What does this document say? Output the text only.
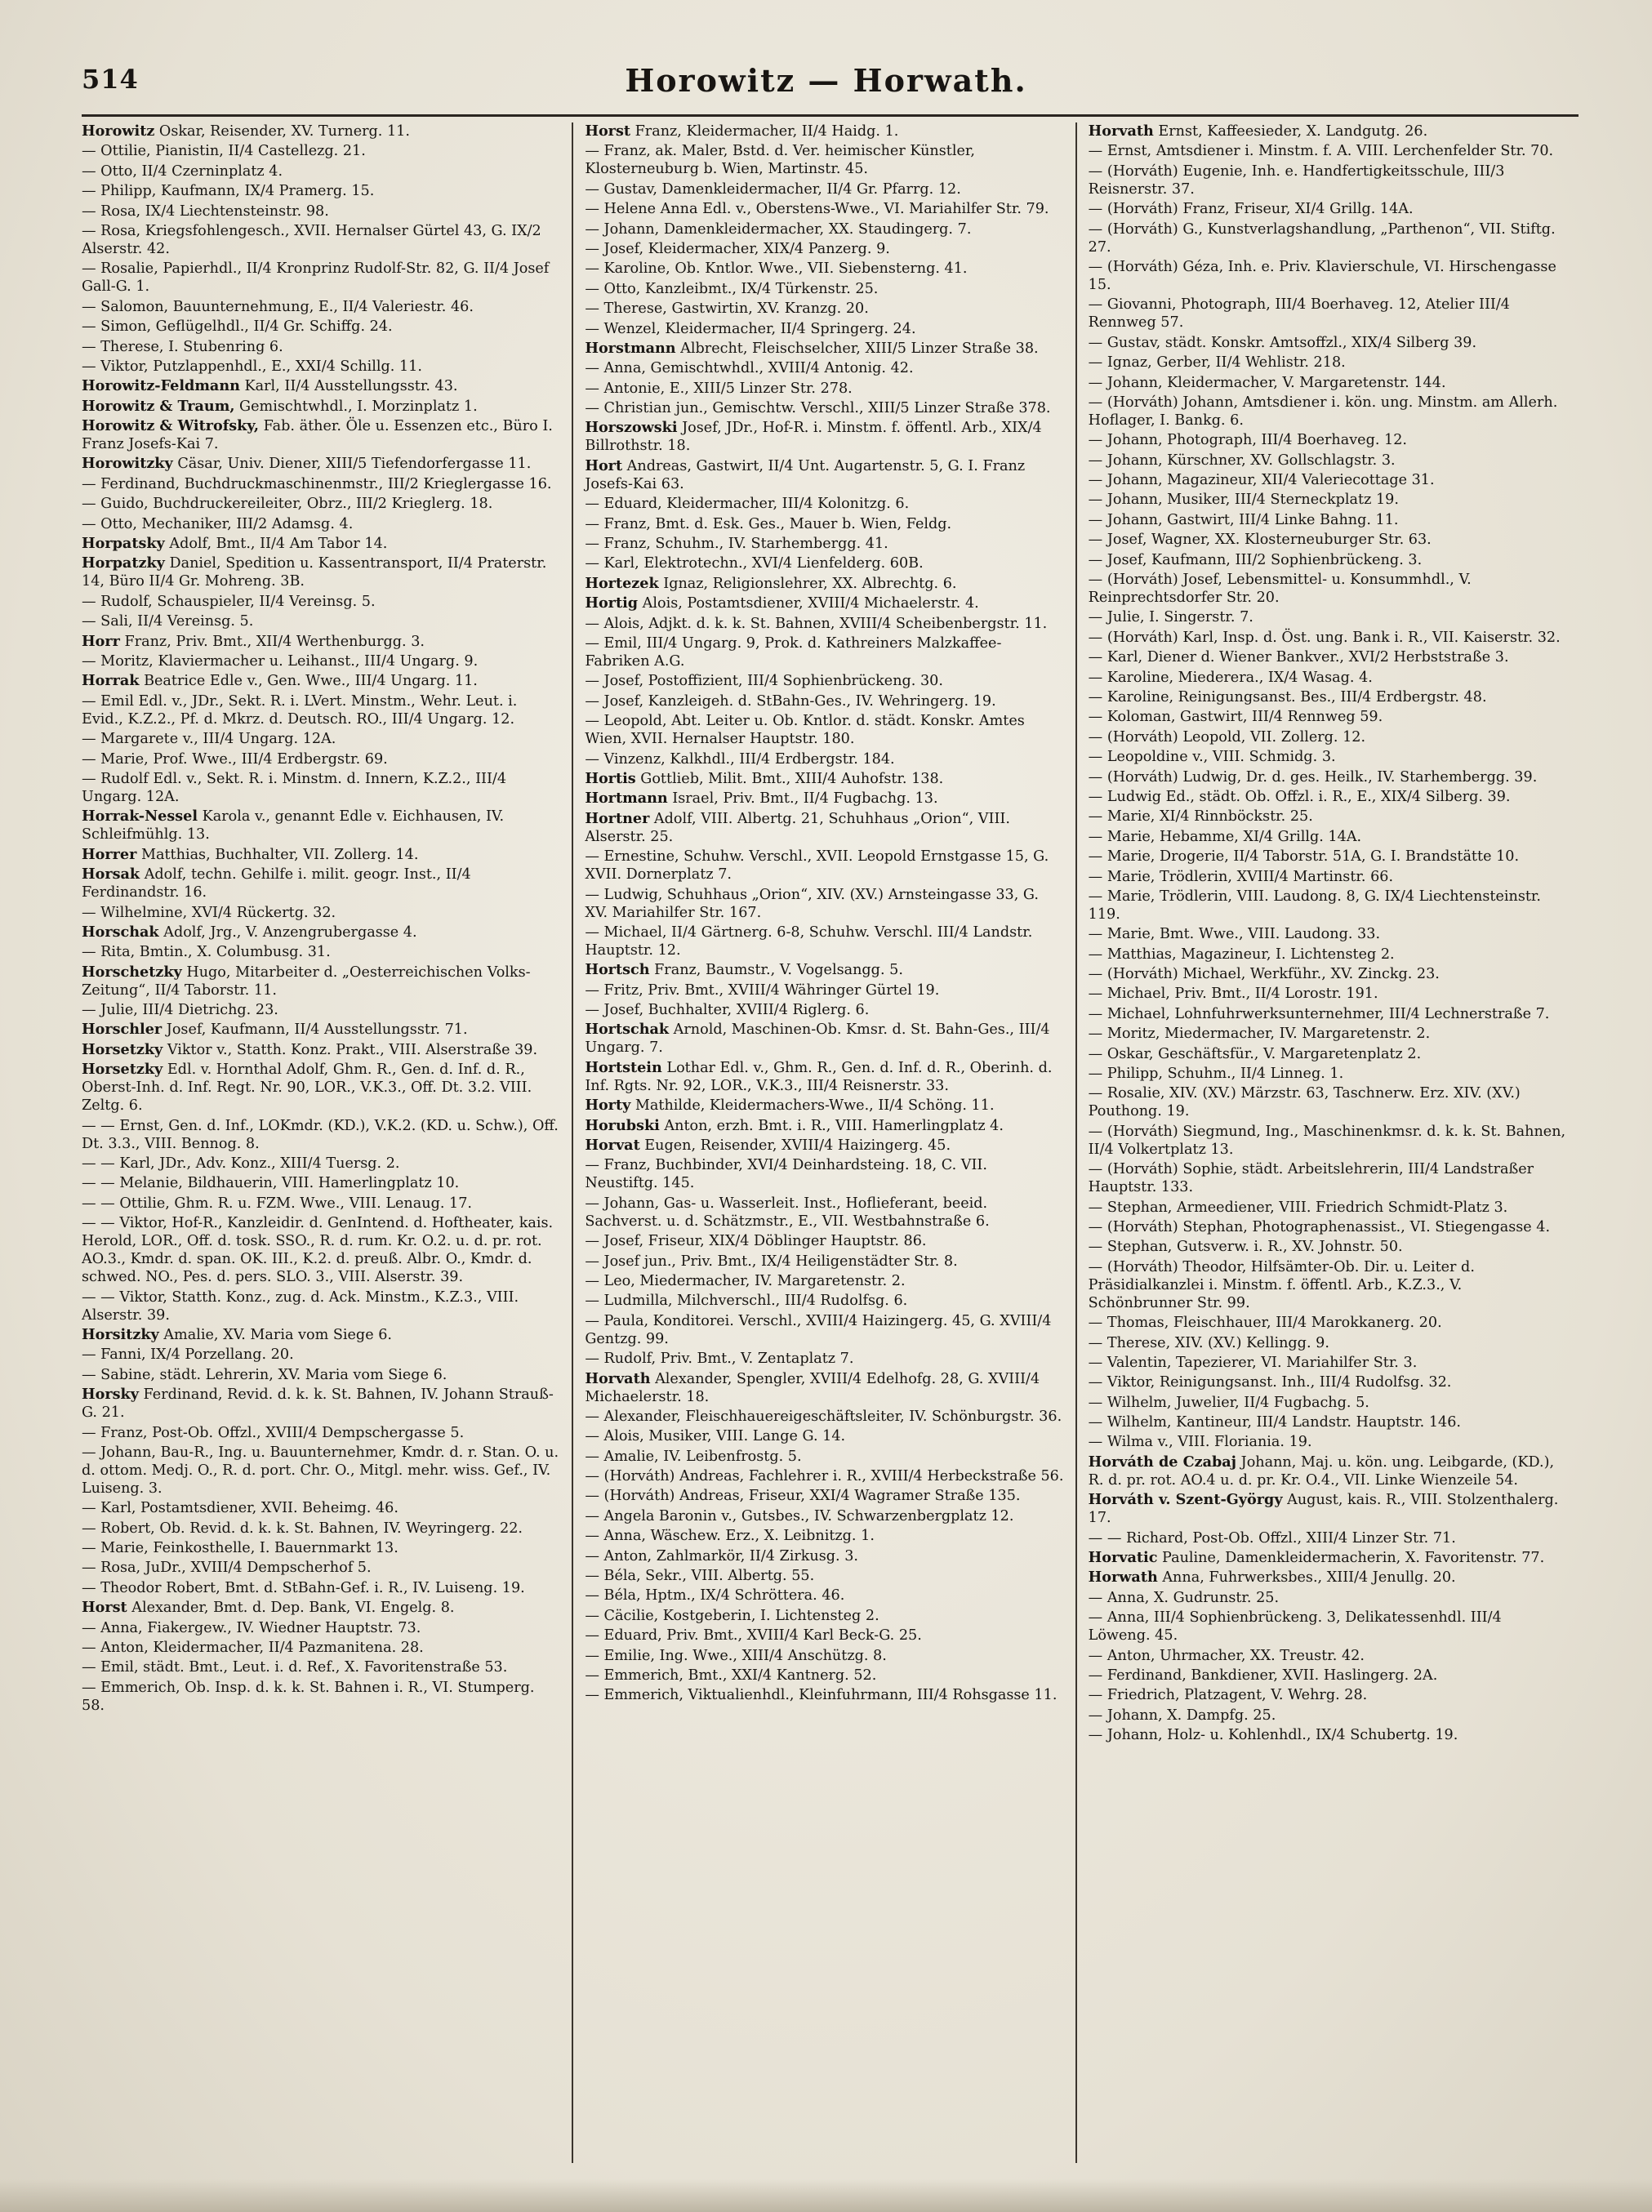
514	Horowitz — Horwath.

Horowitz Oskar, Reisender, XV. Turnerg. 11.

— Ottilie, Pianistin, II/4 Castellezg. 21.

— Otto, II/4 Czerninplatz 4.

— Philipp, Kaufmann, IX/4 Pramerg. 15.

— Rosa, IX/4 Liechtensteinstr. 98.

— Rosa, Kriegsfohlengesch., XVII. Hernalser Gürtel 43, G. IX/2 Alserstr. 42.

— Rosalie, Papierhdl., II/4 Kronprinz Rudolf-Str. 82, G. II/4 Josef Gall-G. 1.

— Salomon, Bauunternehmung, E., II/4 Valeriestr. 46.

— Simon, Geflügelhdl., II/4 Gr. Schiffg. 24.

— Therese, I. Stubenring 6.

— Viktor, Putzlappenhdl., E., XXI/4 Schillg. 11.

Horowitz-Feldmann Karl, II/4 Ausstellungsstr. 43.

Horowitz & Traum, Gemischtwhdl., I. Morzinplatz 1.

Horowitz & Witrofsky, Fab. äther. Öle u. Essenzen etc., Büro I. Franz Josefs-Kai 7.

Horowitzky Cäsar, Univ. Diener, XIII/5 Tiefendorfergasse 11.

— Ferdinand, Buchdruckmaschinenmstr., III/2 Krieglergasse 16.

— Guido, Buchdruckereileiter, Obrz., III/2 Krieglerg. 18.

— Otto, Mechaniker, III/2 Adamsg. 4.

Horpatsky Adolf, Bmt., II/4 Am Tabor 14.

Horpatzky Daniel, Spedition u. Kassentransport, II/4 Praterstr. 14, Büro II/4 Gr. Mohreng. 3B.

— Rudolf, Schauspieler, II/4 Vereinsg. 5.

— Sali, II/4 Vereinsg. 5.

Horr Franz, Priv. Bmt., XII/4 Werthenburgg. 3.

— Moritz, Klaviermacher u. Leihanst., III/4 Ungarg. 9.

Horrak Beatrice Edle v., Gen. Wwe., III/4 Ungarg. 11.

— Emil Edl. v., JDr., Sekt. R. i. LVert. Minstm., Wehr. Leut. i. Evid., K.Z.2., Pf. d. Mkrz. d. Deutsch. RO., III/4 Ungarg. 12.

— Margarete v., III/4 Ungarg. 12A.

— Marie, Prof. Wwe., III/4 Erdbergstr. 69.

— Rudolf Edl. v., Sekt. R. i. Minstm. d. Innern, K.Z.2., III/4 Ungarg. 12A.

Horrak-Nessel Karola v., genannt Edle v. Eichhausen, IV. Schleifmühlg. 13.

Horrer Matthias, Buchhalter, VII. Zollerg. 14.

Horsak Adolf, techn. Gehilfe i. milit. geogr. Inst., II/4 Ferdinandstr. 16.

— Wilhelmine, XVI/4 Rückertg. 32.

Horschak Adolf, Jrg., V. Anzengrubergasse 4.

— Rita, Bmtin., X. Columbusg. 31.

Horschetzky Hugo, Mitarbeiter d. „Oesterreichischen Volks-Zeitung“, II/4 Taborstr. 11.

— Julie, III/4 Dietrichg. 23.

Horschler Josef, Kaufmann, II/4 Ausstellungsstr. 71.

Horsetzky Viktor v., Statth. Konz. Prakt., VIII. Alserstraße 39.

Horsetzky Edl. v. Hornthal Adolf, Ghm. R., Gen. d. Inf. d. R., Oberst-Inh. d. Inf. Regt. Nr. 90, LOR., V.K.3., Off. Dt. 3.2. VIII. Zeltg. 6.

— — Ernst, Gen. d. Inf., LOKmdr. (KD.), V.K.2. (KD. u. Schw.), Off. Dt. 3.3., VIII. Bennog. 8.

— — Karl, JDr., Adv. Konz., XIII/4 Tuersg. 2.

— — Melanie, Bildhauerin, VIII. Hamerlingplatz 10.

— — Ottilie, Ghm. R. u. FZM. Wwe., VIII. Lenaug. 17.

— — Viktor, Hof-R., Kanzleidir. d. GenIntend. d. Hoftheater, kais. Herold, LOR., Off. d. tosk. SSO., R. d. rum. Kr. O.2. u. d. pr. rot. AO.3., Kmdr. d. span. OK. III., K.2. d. preuß. Albr. O., Kmdr. d. schwed. NO., Pes. d. pers. SLO. 3., VIII. Alserstr. 39.

— — Viktor, Statth. Konz., zug. d. Ack. Minstm., K.Z.3., VIII. Alserstr. 39.

Horsitzky Amalie, XV. Maria vom Siege 6.

— Fanni, IX/4 Porzellang. 20.

— Sabine, städt. Lehrerin, XV. Maria vom Siege 6.

Horsky Ferdinand, Revid. d. k. k. St. Bahnen, IV. Johann Strauß-G. 21.

— Franz, Post-Ob. Offzl., XVIII/4 Dempschergasse 5.

— Johann, Bau-R., Ing. u. Bauunternehmer, Kmdr. d. r. Stan. O. u. d. ottom. Medj. O., R. d. port. Chr. O., Mitgl. mehr. wiss. Gef., IV. Luiseng. 3.

— Karl, Postamtsdiener, XVII. Beheimg. 46.

— Robert, Ob. Revid. d. k. k. St. Bahnen, IV. Weyringerg. 22.

— Marie, Feinkosthelle, I. Bauernmarkt 13.

— Rosa, JuDr., XVIII/4 Dempscherhof 5.

— Theodor Robert, Bmt. d. StBahn-Gef. i. R., IV. Luiseng. 19.

Horst Alexander, Bmt. d. Dep. Bank, VI. Engelg. 8.

— Anna, Fiakergew., IV. Wiedner Hauptstr. 73.

— Anton, Kleidermacher, II/4 Pazmanitena. 28.

— Emil, städt. Bmt., Leut. i. d. Ref., X. Favoritenstraße 53.

— Emmerich, Ob. Insp. d. k. k. St. Bahnen i. R., VI. Stumperg. 58.

Horst Franz, Kleidermacher, II/4 Haidg. 1.

— Franz, ak. Maler, Bstd. d. Ver. heimischer Künstler, Klosterneuburg b. Wien, Martinstr. 45.

— Gustav, Damenkleidermacher, II/4 Gr. Pfarrg. 12.

— Helene Anna Edl. v., Oberstens-Wwe., VI. Mariahilfer Str. 79.

— Johann, Damenkleidermacher, XX. Staudingerg. 7.

— Josef, Kleidermacher, XIX/4 Panzerg. 9.

— Karoline, Ob. Kntlor. Wwe., VII. Siebensterng. 41.

— Otto, Kanzleibmt., IX/4 Türkenstr. 25.

— Therese, Gastwirtin, XV. Kranzg. 20.

— Wenzel, Kleidermacher, II/4 Springerg. 24.

Horstmann Albrecht, Fleischselcher, XIII/5 Linzer Straße 38.

— Anna, Gemischtwhdl., XVIII/4 Antonig. 42.

— Antonie, E., XIII/5 Linzer Str. 278.

— Christian jun., Gemischtw. Verschl., XIII/5 Linzer Straße 378.

Horszowski Josef, JDr., Hof-R. i. Minstm. f. öffentl. Arb., XIX/4 Billrothstr. 18.

Hort Andreas, Gastwirt, II/4 Unt. Augartenstr. 5, G. I. Franz Josefs-Kai 63.

— Eduard, Kleidermacher, III/4 Kolonitzg. 6.

— Franz, Bmt. d. Esk. Ges., Mauer b. Wien, Feldg.

— Franz, Schuhm., IV. Starhembergg. 41.

— Karl, Elektrotechn., XVI/4 Lienfelderg. 60B.

Hortezek Ignaz, Religionslehrer, XX. Albrechtg. 6.

Hortig Alois, Postamtsdiener, XVIII/4 Michaelerstr. 4.

— Alois, Adjkt. d. k. k. St. Bahnen, XVIII/4 Scheibenbergstr. 11.

— Emil, III/4 Ungarg. 9, Prok. d. Kathreiners Malzkaffee-Fabriken A.G.

— Josef, Postoffizient, III/4 Sophienbrückeng. 30.

— Josef, Kanzleigeh. d. StBahn-Ges., IV. Wehringerg. 19.

— Leopold, Abt. Leiter u. Ob. Kntlor. d. städt. Konskr. Amtes Wien, XVII. Hernalser Hauptstr. 180.

— Vinzenz, Kalkhdl., III/4 Erdbergstr. 184.

Hortis Gottlieb, Milit. Bmt., XIII/4 Auhofstr. 138.

Hortmann Israel, Priv. Bmt., II/4 Fugbachg. 13.

Hortner Adolf, VIII. Albertg. 21, Schuhhaus „Orion“, VIII. Alserstr. 25.

— Ernestine, Schuhw. Verschl., XVII. Leopold Ernstgasse 15, G. XVII. Dornerplatz 7.

— Ludwig, Schuhhaus „Orion“, XIV. (XV.) Arnsteingasse 33, G. XV. Mariahilfer Str. 167.

— Michael, II/4 Gärtnerg. 6-8, Schuhw. Verschl. III/4 Landstr. Hauptstr. 12.

Hortsch Franz, Baumstr., V. Vogelsangg. 5.

— Fritz, Priv. Bmt., XVIII/4 Währinger Gürtel 19.

— Josef, Buchhalter, XVIII/4 Riglerg. 6.

Hortschak Arnold, Maschinen-Ob. Kmsr. d. St. Bahn-Ges., III/4 Ungarg. 7.

Hortstein Lothar Edl. v., Ghm. R., Gen. d. Inf. d. R., Oberinh. d. Inf. Rgts. Nr. 92, LOR., V.K.3., III/4 Reisnerstr. 33.

Horty Mathilde, Kleidermachers-Wwe., II/4 Schöng. 11.

Horubski Anton, erzh. Bmt. i. R., VIII. Hamerlingplatz 4.

Horvat Eugen, Reisender, XVIII/4 Haizingerg. 45.

— Franz, Buchbinder, XVI/4 Deinhardsteing. 18, C. VII. Neustiftg. 145.

— Johann, Gas- u. Wasserleit. Inst., Hoflieferant, beeid. Sachverst. u. d. Schätzmstr., E., VII. Westbahnstraße 6.

— Josef, Friseur, XIX/4 Döblinger Hauptstr. 86.

— Josef jun., Priv. Bmt., IX/4 Heiligenstädter Str. 8.

— Leo, Miedermacher, IV. Margaretenstr. 2.

— Ludmilla, Milchverschl., III/4 Rudolfsg. 6.

— Paula, Konditorei. Verschl., XVIII/4 Haizingerg. 45, G. XVIII/4 Gentzg. 99.

— Rudolf, Priv. Bmt., V. Zentaplatz 7.

Horvath Alexander, Spengler, XVIII/4 Edelhofg. 28, G. XVIII/4 Michaelerstr. 18.

— Alexander, Fleischhauereigeschäftsleiter, IV. Schönburgstr. 36.

— Alois, Musiker, VIII. Lange G. 14.

— Amalie, IV. Leibenfrostg. 5.

— (Horváth) Andreas, Fachlehrer i. R., XVIII/4 Herbeckstraße 56.

— (Horváth) Andreas, Friseur, XXI/4 Wagramer Straße 135.

— Angela Baronin v., Gutsbes., IV. Schwarzenbergplatz 12.

— Anna, Wäschew. Erz., X. Leibnitzg. 1.

— Anton, Zahlmarkör, II/4 Zirkusg. 3.

— Béla, Sekr., VIII. Albertg. 55.

— Béla, Hptm., IX/4 Schröttera. 46.

— Cäcilie, Kostgeberin, I. Lichtensteg 2.

— Eduard, Priv. Bmt., XVIII/4 Karl Beck-G. 25.

— Emilie, Ing. Wwe., XIII/4 Anschützg. 8.

— Emmerich, Bmt., XXI/4 Kantnerg. 52.

— Emmerich, Viktualienhdl., Kleinfuhrmann, III/4 Rohsgasse 11.

Horvath Ernst, Kaffeesieder, X. Landgutg. 26.

— Ernst, Amtsdiener i. Minstm. f. A. VIII. Lerchenfelder Str. 70.

— (Horváth) Eugenie, Inh. e. Handfertigkeitsschule, III/3 Reisnerstr. 37.

— (Horváth) Franz, Friseur, XI/4 Grillg. 14A.

— (Horváth) G., Kunstverlagshandlung, „Parthenon“, VII. Stiftg. 27.

— (Horváth) Géza, Inh. e. Priv. Klavierschule, VI. Hirschengasse 15.

— Giovanni, Photograph, III/4 Boerhaveg. 12, Atelier III/4 Rennweg 57.

— Gustav, städt. Konskr. Amtsoffzl., XIX/4 Silberg 39.

— Ignaz, Gerber, II/4 Wehlistr. 218.

— Johann, Kleidermacher, V. Margaretenstr. 144.

— (Horváth) Johann, Amtsdiener i. kön. ung. Minstm. am Allerh. Hoflager, I. Bankg. 6.

— Johann, Photograph, III/4 Boerhaveg. 12.

— Johann, Kürschner, XV. Gollschlagstr. 3.

— Johann, Magazineur, XII/4 Valeriecottage 31.

— Johann, Musiker, III/4 Sterneckplatz 19.

— Johann, Gastwirt, III/4 Linke Bahng. 11.

— Josef, Wagner, XX. Klosterneuburger Str. 63.

— Josef, Kaufmann, III/2 Sophienbrückeng. 3.

— (Horváth) Josef, Lebensmittel- u. Konsummhdl., V. Reinprechtsdorfer Str. 20.

— Julie, I. Singerstr. 7.

— (Horváth) Karl, Insp. d. Öst. ung. Bank i. R., VII. Kaiserstr. 32.

— Karl, Diener d. Wiener Bankver., XVI/2 Herbststraße 3.

— Karoline, Miederera., IX/4 Wasag. 4.

— Karoline, Reinigungsanst. Bes., III/4 Erdbergstr. 48.

— Koloman, Gastwirt, III/4 Rennweg 59.

— (Horváth) Leopold, VII. Zollerg. 12.

— Leopoldine v., VIII. Schmidg. 3.

— (Horváth) Ludwig, Dr. d. ges. Heilk., IV. Starhembergg. 39.

— Ludwig Ed., städt. Ob. Offzl. i. R., E., XIX/4 Silberg. 39.

— Marie, XI/4 Rinnböckstr. 25.

— Marie, Hebamme, XI/4 Grillg. 14A.

— Marie, Drogerie, II/4 Taborstr. 51A, G. I. Brandstätte 10.

— Marie, Trödlerin, XVIII/4 Martinstr. 66.

— Marie, Trödlerin, VIII. Laudong. 8, G. IX/4 Liechtensteinstr. 119.

— Marie, Bmt. Wwe., VIII. Laudong. 33.

— Matthias, Magazineur, I. Lichtensteg 2.

— (Horváth) Michael, Werkführ., XV. Zinckg. 23.

— Michael, Priv. Bmt., II/4 Lorostr. 191.

— Michael, Lohnfuhrwerksunternehmer, III/4 Lechnerstraße 7.

— Moritz, Miedermacher, IV. Margaretenstr. 2.

— Oskar, Geschäftsfür., V. Margaretenplatz 2.

— Philipp, Schuhm., II/4 Linneg. 1.

— Rosalie, XIV. (XV.) Märzstr. 63, Taschnerw. Erz. XIV. (XV.) Pouthong. 19.

— (Horváth) Siegmund, Ing., Maschinenkmsr. d. k. k. St. Bahnen, II/4 Volkertplatz 13.

— (Horváth) Sophie, städt. Arbeitslehrerin, III/4 Landstraßer Hauptstr. 133.

— Stephan, Armeediener, VIII. Friedrich Schmidt-Platz 3.

— (Horváth) Stephan, Photographenassist., VI. Stiegengasse 4.

— Stephan, Gutsverw. i. R., XV. Johnstr. 50.

— (Horváth) Theodor, Hilfsämter-Ob. Dir. u. Leiter d. Präsidialkanzlei i. Minstm. f. öffentl. Arb., K.Z.3., V. Schönbrunner Str. 99.

— Thomas, Fleischhauer, III/4 Marokkanerg. 20.

— Therese, XIV. (XV.) Kellingg. 9.

— Valentin, Tapezierer, VI. Mariahilfer Str. 3.

— Viktor, Reinigungsanst. Inh., III/4 Rudolfsg. 32.

— Wilhelm, Juwelier, II/4 Fugbachg. 5.

— Wilhelm, Kantineur, III/4 Landstr. Hauptstr. 146.

— Wilma v., VIII. Floriania. 19.

Horváth de Czabaj Johann, Maj. u. kön. ung. Leibgarde, (KD.), R. d. pr. rot. AO.4 u. d. pr. Kr. O.4., VII. Linke Wienzeile 54.

Horváth v. Szent-György August, kais. R., VIII. Stolzenthalerg. 17.

— — Richard, Post-Ob. Offzl., XIII/4 Linzer Str. 71.

Horvatic Pauline, Damenkleidermacherin, X. Favoritenstr. 77.

Horwath Anna, Fuhrwerksbes., XIII/4 Jenullg. 20.

— Anna, X. Gudrunstr. 25.

— Anna, III/4 Sophienbrückeng. 3, Delikatessenhdl. III/4 Löweng. 45.

— Anton, Uhrmacher, XX. Treustr. 42.

— Ferdinand, Bankdiener, XVII. Haslingerg. 2A.

— Friedrich, Platzagent, V. Wehrg. 28.

— Johann, X. Dampfg. 25.

— Johann, Holz- u. Kohlenhdl., IX/4 Schubertg. 19.
